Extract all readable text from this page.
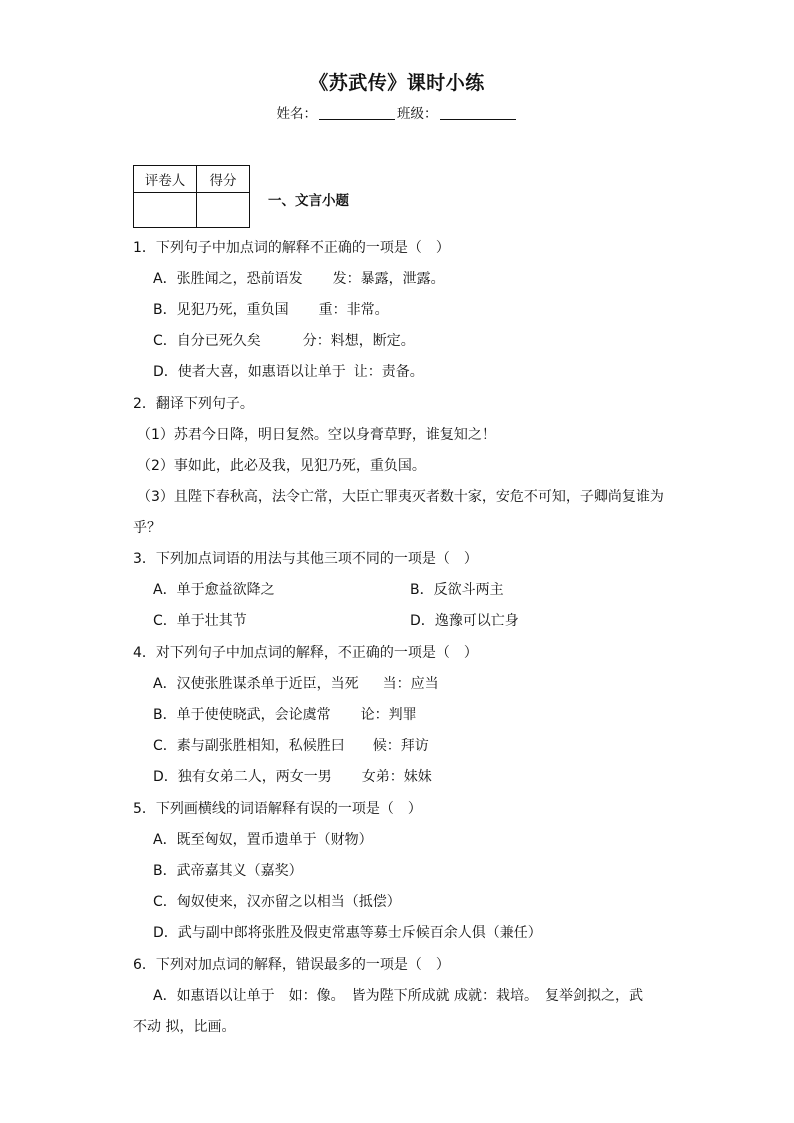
《苏武传》课时小练
姓名：	班级：
评卷人	得分

一、文言小题
1．下列句子中加点词的解释不正确的一项是（　）
A．张胜闻之，恐前语发 发：暴露，泄露。
B．见犯乃死，重负国 重：非常。
C．自分已死久矣	分：料想，断定。
D．使者大喜，如惠语以让单于 让：责备。
2．翻译下列句子。
（1）苏君今日降，明日复然。空以身膏草野，谁复知之！
（2）事如此，此必及我，见犯乃死，重负国。
（3）且陛下春秋高，法令亡常，大臣亡罪夷灭者数十家，安危不可知，子卿尚复谁为
乎？
3．下列加点词语的用法与其他三项不同的一项是（　）
A．单于愈益欲降之	B．反欲斗两主
C．单于壮其节	D．逸豫可以亡身
4．对下列句子中加点词的解释，不正确的一项是（　）
A．汉使张胜谋杀单于近臣，当死 当：应当
B．单于使使晓武，会论虞常 论：判罪
C．素与副张胜相知，私候胜曰 候：拜访
D．独有女弟二人，两女一男 女弟：妹妹
5．下列画横线的词语解释有误的一项是（　）
A．既至匈奴，置币遗单于（财物）
B．武帝嘉其义（嘉奖）
C．匈奴使来，汉亦留之以相当（抵偿）
D．武与副中郎将张胜及假吏常惠等募士斥候百余人俱（兼任）
6．下列对加点词的解释，错误最多的一项是（　）
A．如惠语以让单于　如：像。　皆为陛下所成就 成就：栽培。　复举剑拟之，武
不动 拟，比画。
